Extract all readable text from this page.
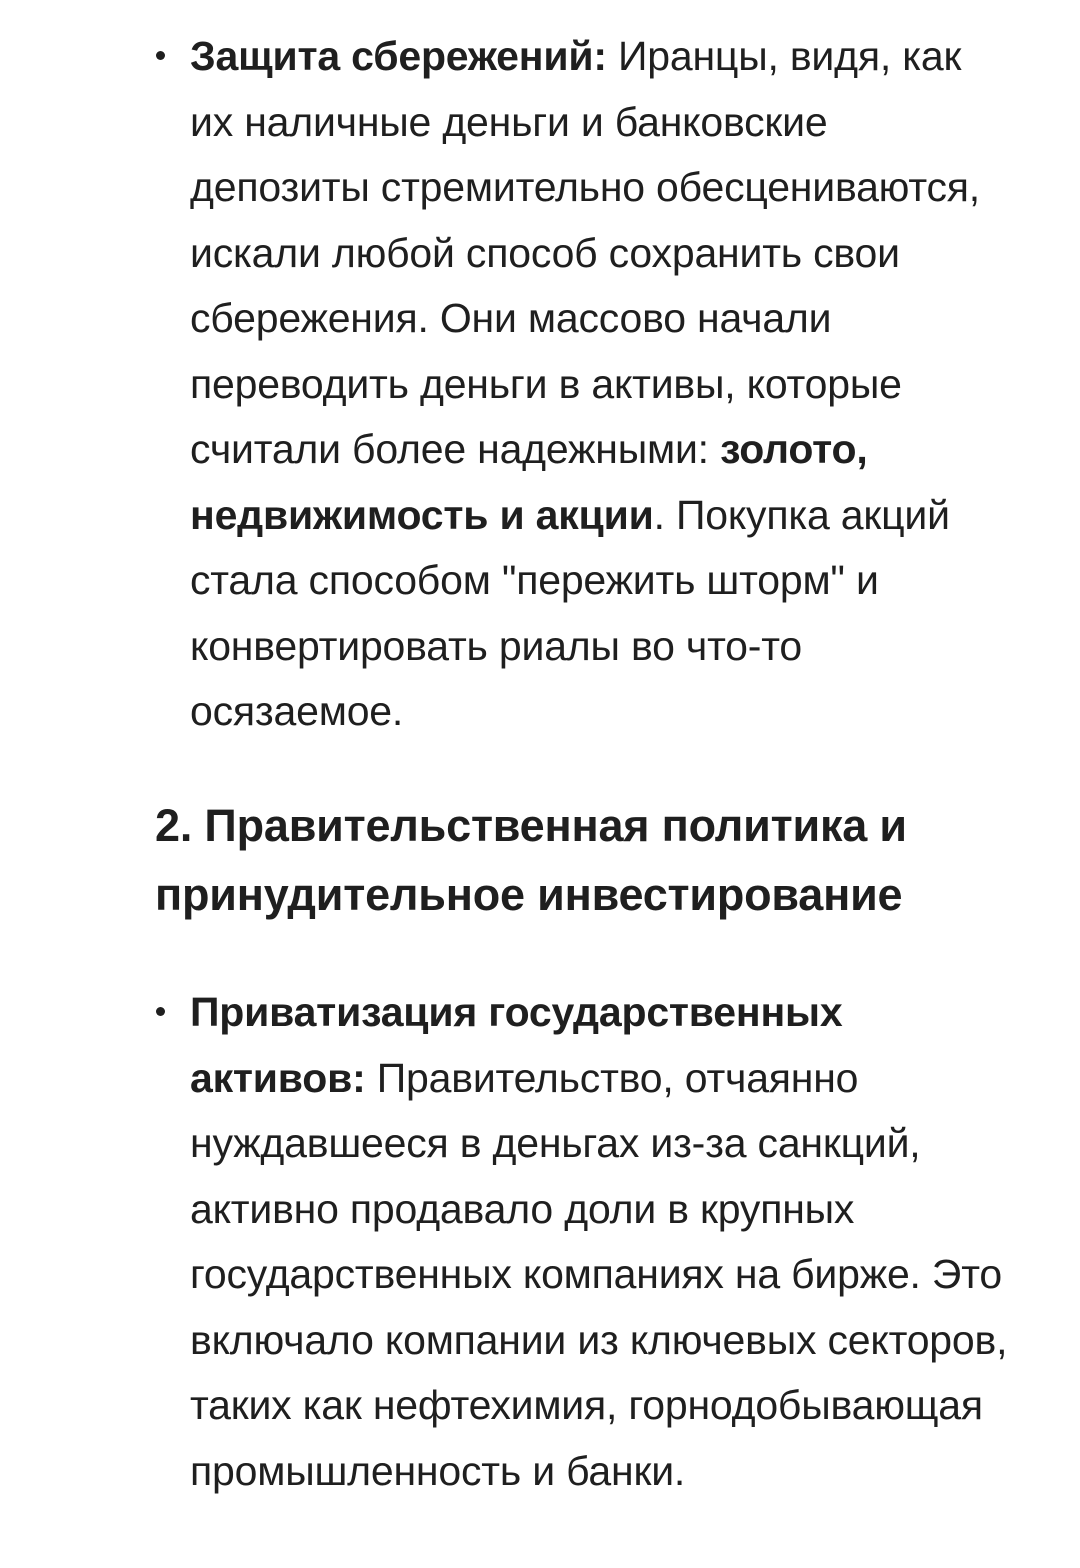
Защита сбережений: Иранцы, видя, как их наличные деньги и банковские депозиты стремительно обесцениваются, искали любой способ сохранить свои сбережения. Они массово начали переводить деньги в активы, которые считали более надежными: золото, недвижимость и акции. Покупка акций стала способом "пережить шторм" и конвертировать риалы во что-то осязаемое.
2. Правительственная политика и принудительное инвестирование
Приватизация государственных активов: Правительство, отчаянно нуждавшееся в деньгах из-за санкций, активно продавало доли в крупных государственных компаниях на бирже. Это включало компании из ключевых секторов, таких как нефтехимия, горнодобывающая промышленность и банки.
